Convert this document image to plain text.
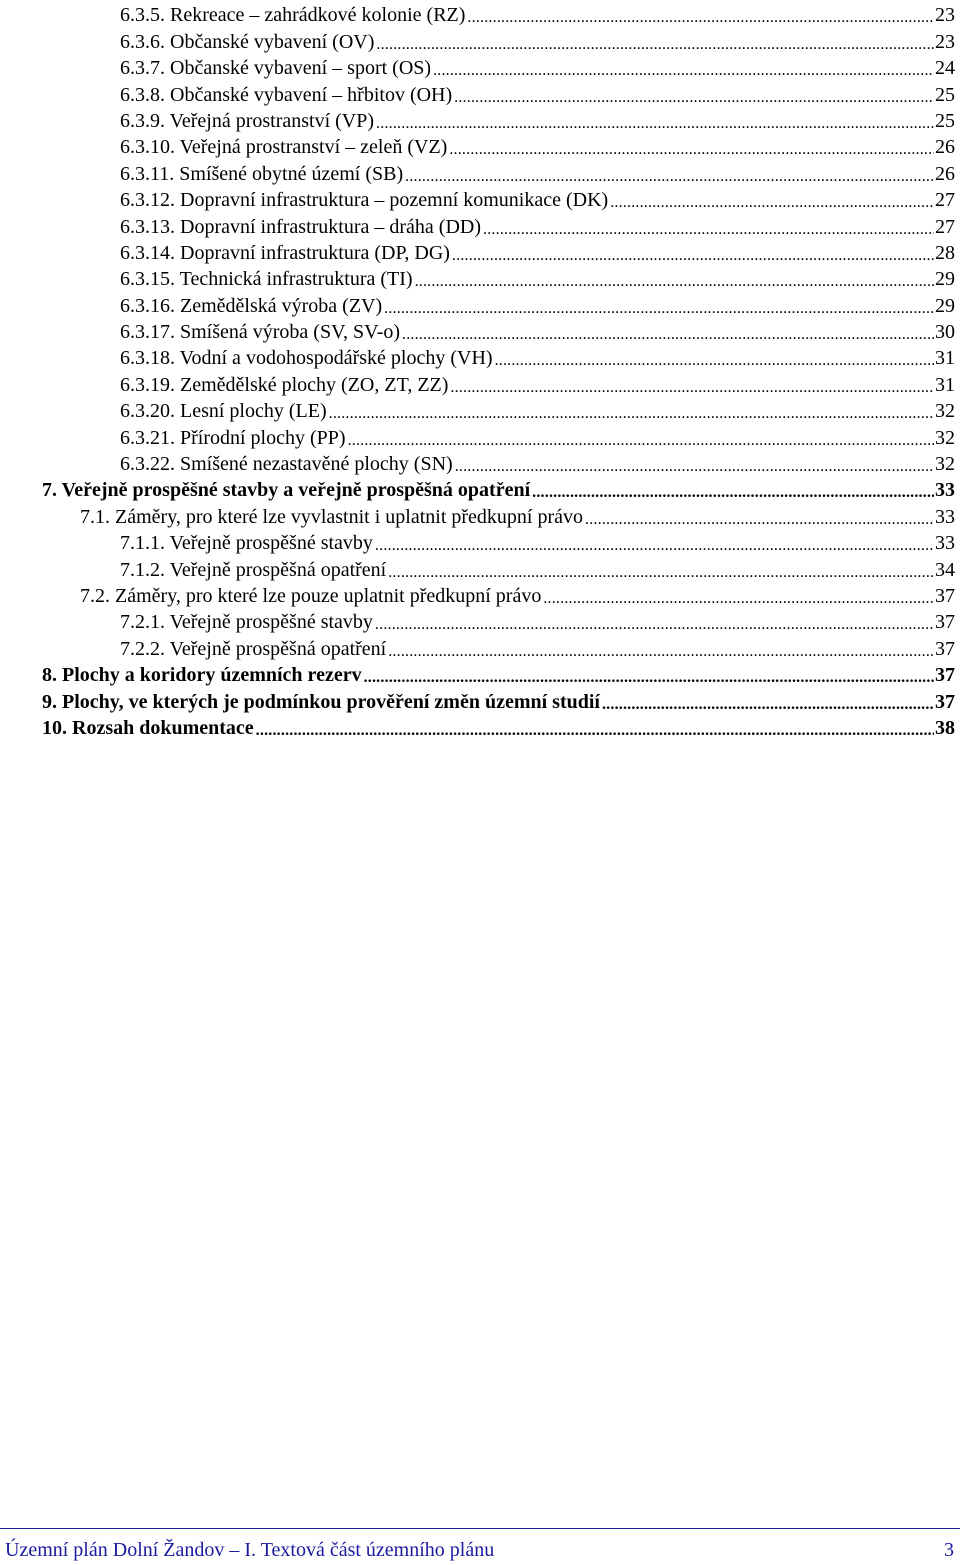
6.3.5. Rekreace – zahrádkové kolonie (RZ) .....	23
6.3.6. Občanské vybavení (OV) .....	23
6.3.7. Občanské vybavení – sport (OS) .....	24
6.3.8. Občanské vybavení – hřbitov (OH) .....	25
6.3.9. Veřejná prostranství (VP) .....	25
6.3.10. Veřejná prostranství – zeleň (VZ) .....	26
6.3.11. Smíšené obytné území (SB) .....	26
6.3.12. Dopravní infrastruktura – pozemní komunikace (DK) .....	27
6.3.13. Dopravní infrastruktura – dráha (DD) .....	27
6.3.14. Dopravní infrastruktura (DP, DG) .....	28
6.3.15. Technická infrastruktura (TI) .....	29
6.3.16. Zemědělská výroba (ZV) .....	29
6.3.17. Smíšená výroba (SV, SV-o) .....	30
6.3.18. Vodní a vodohospodářské plochy (VH) .....	31
6.3.19. Zemědělské plochy (ZO, ZT, ZZ) .....	31
6.3.20. Lesní plochy (LE) .....	32
6.3.21. Přírodní plochy (PP) .....	32
6.3.22. Smíšené nezastavěné plochy (SN) .....	32
7. Veřejně prospěšné stavby a veřejně prospěšná opatření .....	33
7.1. Záměry, pro které lze vyvlastnit i uplatnit předkupní právo .....	33
7.1.1. Veřejně prospěšné stavby .....	33
7.1.2. Veřejně prospěšná opatření .....	34
7.2. Záměry, pro které lze pouze uplatnit předkupní právo .....	37
7.2.1. Veřejně prospěšné stavby .....	37
7.2.2. Veřejně prospěšná opatření .....	37
8. Plochy a koridory územních rezerv .....	37
9. Plochy, ve kterých je podmínkou prověření změn územní studií .....	37
10. Rozsah dokumentace .....	38
Územní plán Dolní Žandov – I. Textová část územního plánu	3
